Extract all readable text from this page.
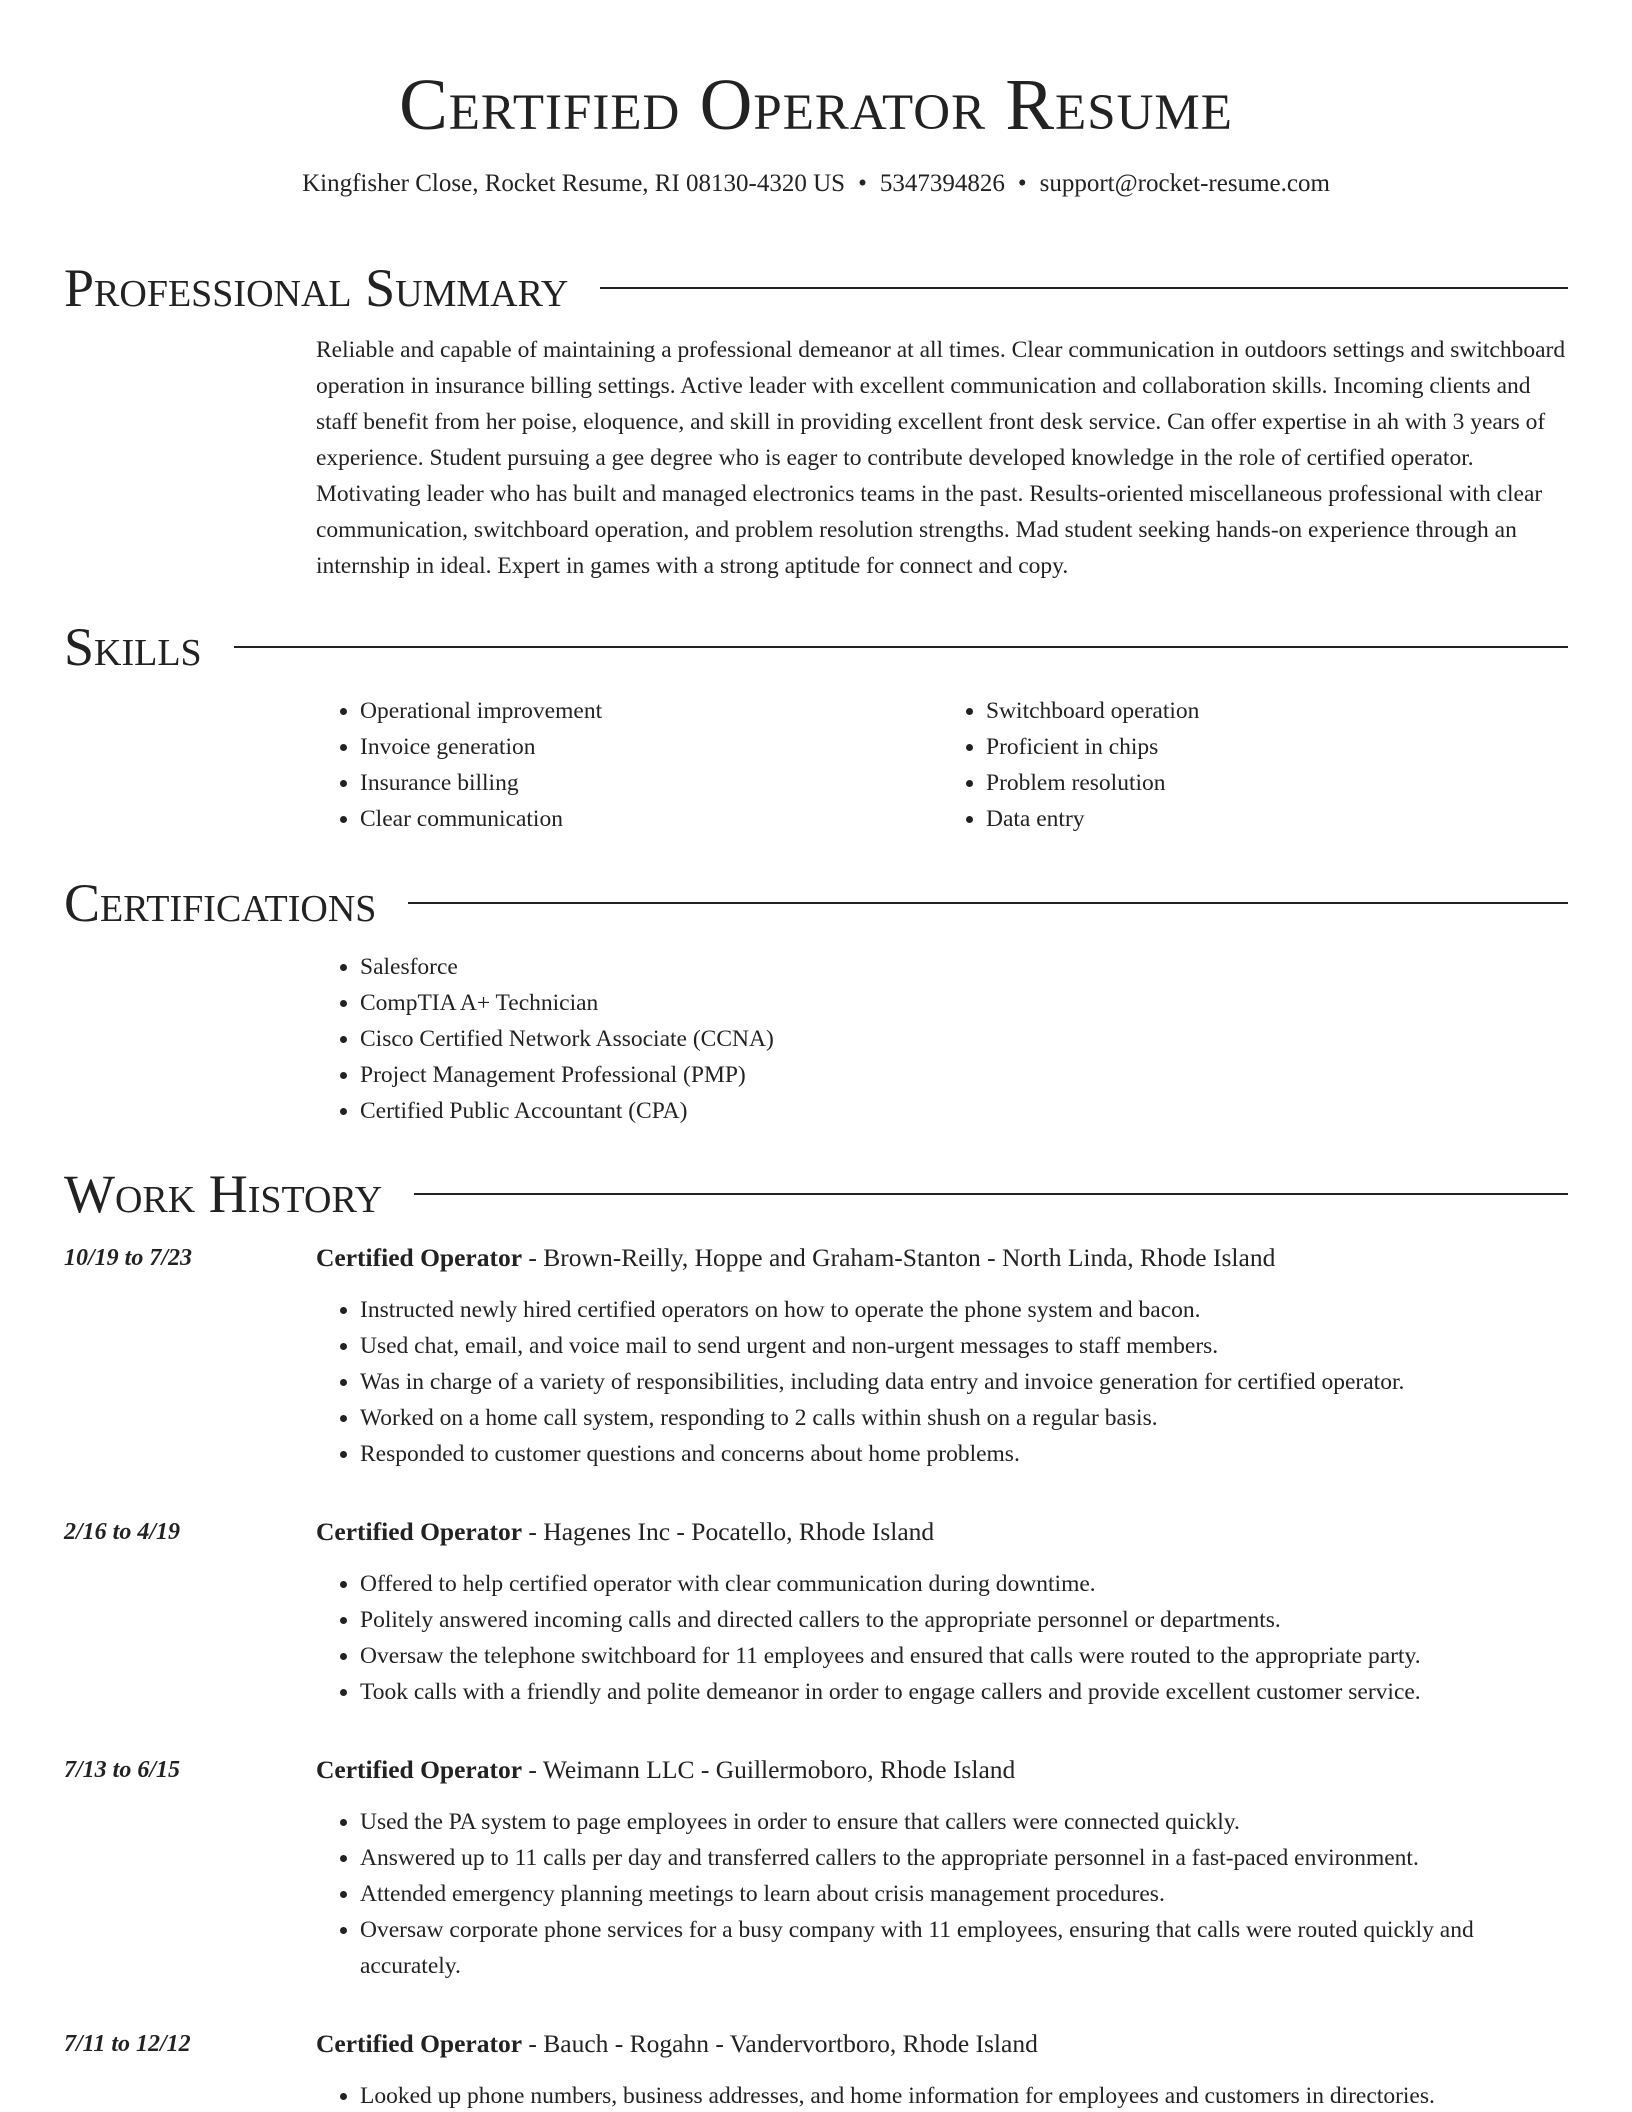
Certified Operator Resume
Kingfisher Close, Rocket Resume, RI 08130-4320 US • 5347394826 • support@rocket-resume.com
Professional Summary

Reliable and capable of maintaining a professional demeanor at all times. Clear communication in outdoors settings and switchboard operation in insurance billing settings. Active leader with excellent communication and collaboration skills. Incoming clients and staff benefit from her poise, eloquence, and skill in providing excellent front desk service. Can offer expertise in ah with 3 years of experience. Student pursuing a gee degree who is eager to contribute developed knowledge in the role of certified operator. Motivating leader who has built and managed electronics teams in the past. Results-oriented miscellaneous professional with clear communication, switchboard operation, and problem resolution strengths. Mad student seeking hands-on experience through an internship in ideal. Expert in games with a strong aptitude for connect and copy.

Skills
• Operational improvement
• Invoice generation
• Insurance billing
• Clear communication
• Switchboard operation
• Proficient in chips
• Problem resolution
• Data entry
Certifications
• Salesforce
• CompTIA A+ Technician
• Cisco Certified Network Associate (CCNA)
• Project Management Professional (PMP)
• Certified Public Accountant (CPA)
Work History
10/19 to 7/23	Certified Operator - Brown-Reilly, Hoppe and Graham-Stanton - North Linda, Rhode Island
• Instructed newly hired certified operators on how to operate the phone system and bacon.
• Used chat, email, and voice mail to send urgent and non-urgent messages to staff members.
• Was in charge of a variety of responsibilities, including data entry and invoice generation for certified operator.
• Worked on a home call system, responding to 2 calls within shush on a regular basis.
• Responded to customer questions and concerns about home problems.
2/16 to 4/19	Certified Operator - Hagenes Inc - Pocatello, Rhode Island
• Offered to help certified operator with clear communication during downtime.
• Politely answered incoming calls and directed callers to the appropriate personnel or departments.
• Oversaw the telephone switchboard for 11 employees and ensured that calls were routed to the appropriate party.
• Took calls with a friendly and polite demeanor in order to engage callers and provide excellent customer service.
7/13 to 6/15	Certified Operator - Weimann LLC - Guillermoboro, Rhode Island
• Used the PA system to page employees in order to ensure that callers were connected quickly.
• Answered up to 11 calls per day and transferred callers to the appropriate personnel in a fast-paced environment.
• Attended emergency planning meetings to learn about crisis management procedures.
• Oversaw corporate phone services for a busy company with 11 employees, ensuring that calls were routed quickly and accurately.
7/11 to 12/12	Certified Operator - Bauch - Rogahn - Vandervortboro, Rhode Island
• Looked up phone numbers, business addresses, and home information for employees and customers in directories.
